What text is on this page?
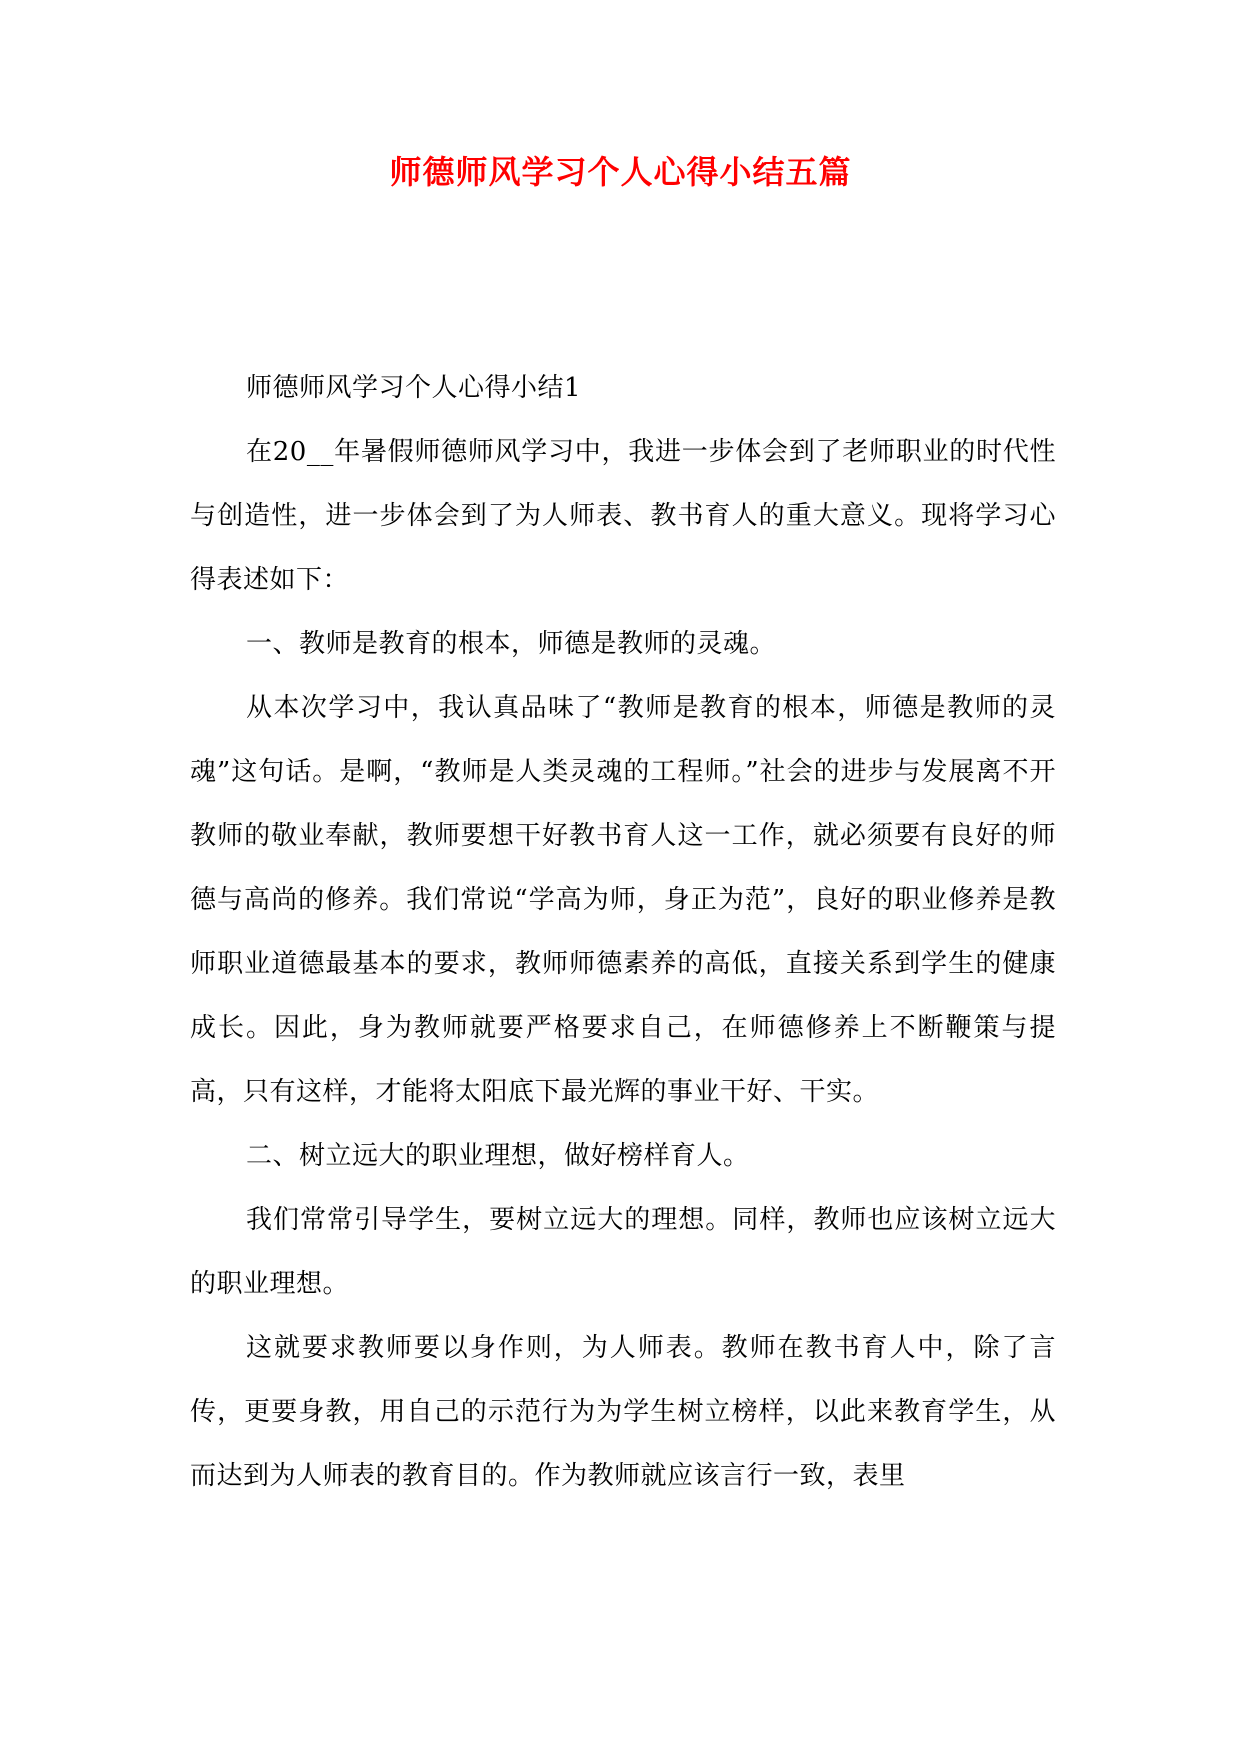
师德师风学习个人心得小结五篇

师德师风学习个人心得小结1

在20__年暑假师德师风学习中，我进一步体会到了老师职业的时代性与创造性，进一步体会到了为人师表、教书育人的重大意义。现将学习心得表述如下：

一、教师是教育的根本，师德是教师的灵魂。

从本次学习中，我认真品味了“教师是教育的根本，师德是教师的灵魂”这句话。是啊，“教师是人类灵魂的工程师。”社会的进步与发展离不开教师的敬业奉献，教师要想干好教书育人这一工作，就必须要有良好的师德与高尚的修养。我们常说“学高为师，身正为范”，良好的职业修养是教师职业道德最基本的要求，教师师德素养的高低，直接关系到学生的健康成长。因此，身为教师就要严格要求自己，在师德修养上不断鞭策与提高，只有这样，才能将太阳底下最光辉的事业干好、干实。

二、树立远大的职业理想，做好榜样育人。

我们常常引导学生，要树立远大的理想。同样，教师也应该树立远大的职业理想。

这就要求教师要以身作则，为人师表。教师在教书育人中，除了言传，更要身教，用自己的示范行为为学生树立榜样，以此来教育学生，从而达到为人师表的教育目的。作为教师就应该言行一致，表里
